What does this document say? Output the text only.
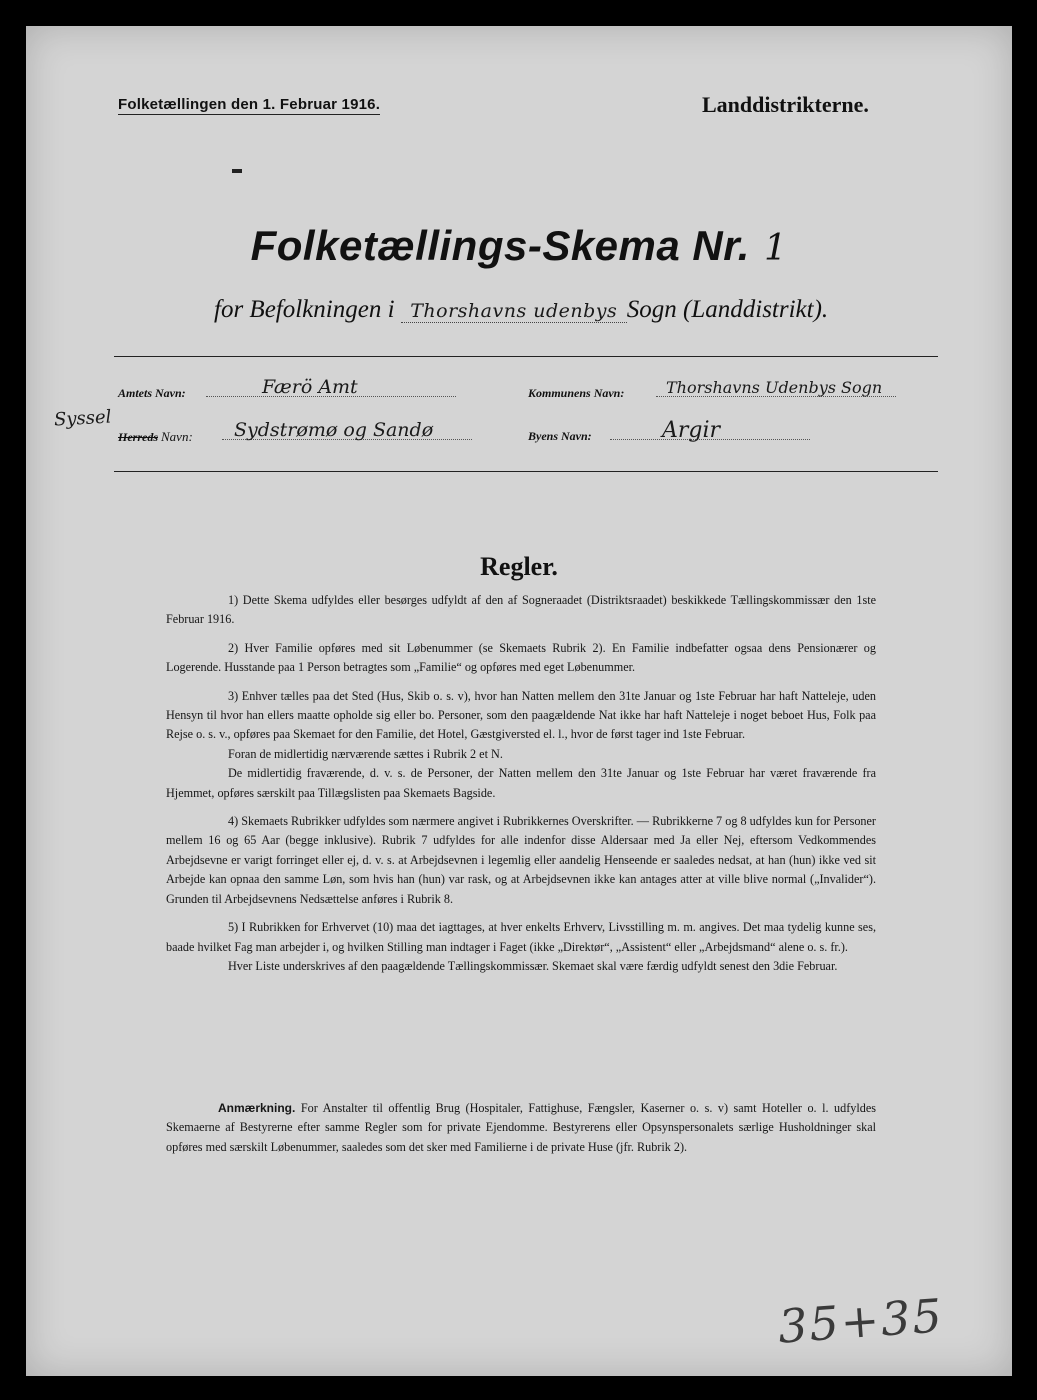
Folketællingen den 1. Februar 1916.	Landdistrikterne.
Folketællings-Skema Nr. 1
for Befolkningen i Thorshavns udenbys Sogn (Landdistrikt).
Amtets Navn:	Færö Amt	Kommunens Navn:	Thorshavns Udenbys Sogn
Syssel
Herreds Navn: Sydstrømø og Sandø	Byens Navn:	Argir
Regler.

1) Dette Skema udfyldes eller besørges udfyldt af den af Sogneraadet (Distriktsraadet) beskikkede Tællingskommissær den 1ste Februar 1916.

2) Hver Familie opføres med sit Løbenummer (se Skemaets Rubrik 2). En Familie indbefatter ogsaa dens Pensionærer og Logerende. Husstande paa 1 Person betragtes som „Familie“ og opføres med eget Løbenummer.

3) Enhver tælles paa det Sted (Hus, Skib o. s. v), hvor han Natten mellem den 31te Januar og 1ste Februar har haft Natteleje, uden Hensyn til hvor han ellers maatte opholde sig eller bo. Personer, som den paagældende Nat ikke har haft Natteleje i noget beboet Hus, Folk paa Rejse o. s. v., opføres paa Skemaet for den Familie, det Hotel, Gæstgiversted el. l., hvor de først tager ind 1ste Februar.

Foran de midlertidig nærværende sættes i Rubrik 2 et N.

De midlertidig fraværende, d. v. s. de Personer, der Natten mellem den 31te Januar og 1ste Februar har været fraværende fra Hjemmet, opføres særskilt paa Tillægslisten paa Skemaets Bagside.

4) Skemaets Rubrikker udfyldes som nærmere angivet i Rubrikkernes Overskrifter. — Rubrikkerne 7 og 8 udfyldes kun for Personer mellem 16 og 65 Aar (begge inklusive). Rubrik 7 udfyldes for alle indenfor disse Aldersaar med Ja eller Nej, eftersom Vedkommendes Arbejdsevne er varigt forringet eller ej, d. v. s. at Arbejdsevnen i legemlig eller aandelig Henseende er saaledes nedsat, at han (hun) ikke ved sit Arbejde kan opnaa den samme Løn, som hvis han (hun) var rask, og at Arbejdsevnen ikke kan antages atter at ville blive normal („Invalider“). Grunden til Arbejdsevnens Nedsættelse anføres i Rubrik 8.

5) I Rubrikken for Erhvervet (10) maa det iagttages, at hver enkelts Erhverv, Livsstilling m. m. angives. Det maa tydelig kunne ses, baade hvilket Fag man arbejder i, og hvilken Stilling man indtager i Faget (ikke „Direktør“, „Assistent“ eller „Arbejdsmand“ alene o. s. fr.).

Hver Liste underskrives af den paagældende Tællingskommissær. Skemaet skal være færdig udfyldt senest den 3die Februar.

Anmærkning. For Anstalter til offentlig Brug (Hospitaler, Fattighuse, Fængsler, Kaserner o. s. v) samt Hoteller o. l. udfyldes Skemaerne af Bestyrerne efter samme Regler som for private Ejendomme. Bestyrerens eller Opsynspersonalets særlige Husholdninger skal opføres med særskilt Løbenummer, saaledes som det sker med Familierne i de private Huse (jfr. Rubrik 2).

35+35
